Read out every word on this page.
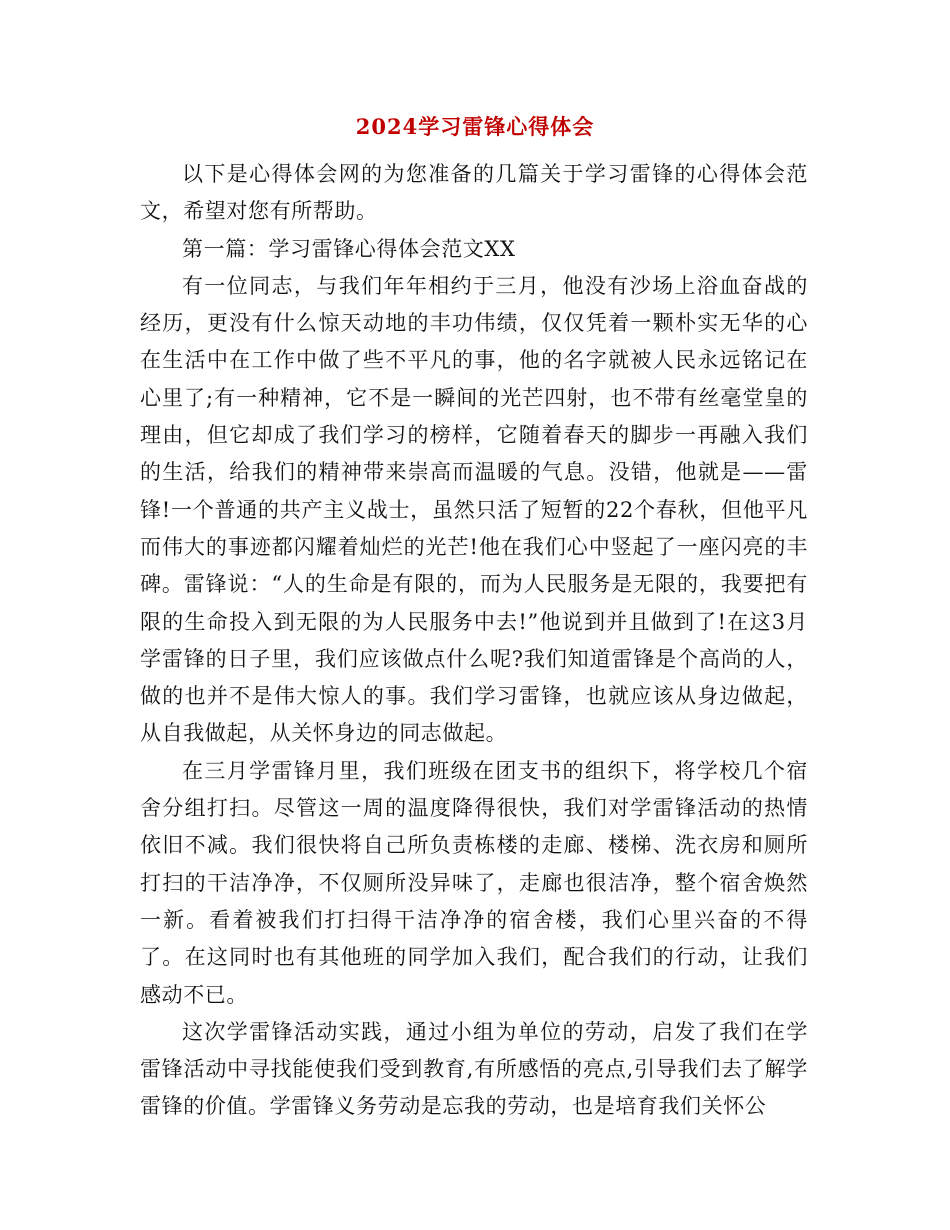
2024学习雷锋心得体会

以下是心得体会网的为您准备的几篇关于学习雷锋的心得体会范文，希望对您有所帮助。

第一篇：学习雷锋心得体会范文XX

有一位同志，与我们年年相约于三月，他没有沙场上浴血奋战的经历，更没有什么惊天动地的丰功伟绩，仅仅凭着一颗朴实无华的心在生活中在工作中做了些不平凡的事，他的名字就被人民永远铭记在心里了;有一种精神，它不是一瞬间的光芒四射，也不带有丝毫堂皇的理由，但它却成了我们学习的榜样，它随着春天的脚步一再融入我们的生活，给我们的精神带来崇高而温暖的气息。没错，他就是——雷锋!一个普通的共产主义战士，虽然只活了短暂的22个春秋，但他平凡而伟大的事迹都闪耀着灿烂的光芒!他在我们心中竖起了一座闪亮的丰碑。雷锋说：“人的生命是有限的，而为人民服务是无限的，我要把有限的生命投入到无限的为人民服务中去!”他说到并且做到了!在这3月学雷锋的日子里，我们应该做点什么呢?我们知道雷锋是个高尚的人，做的也并不是伟大惊人的事。我们学习雷锋，也就应该从身边做起，从自我做起，从关怀身边的同志做起。

在三月学雷锋月里，我们班级在团支书的组织下，将学校几个宿舍分组打扫。尽管这一周的温度降得很快，我们对学雷锋活动的热情依旧不减。我们很快将自己所负责栋楼的走廊、楼梯、洗衣房和厕所打扫的干洁净净，不仅厕所没异味了，走廊也很洁净，整个宿舍焕然一新。看着被我们打扫得干洁净净的宿舍楼，我们心里兴奋的不得了。在这同时也有其他班的同学加入我们，配合我们的行动，让我们感动不已。

这次学雷锋活动实践，通过小组为单位的劳动，启发了我们在学雷锋活动中寻找能使我们受到教育,有所感悟的亮点,引导我们去了解学雷锋的价值。学雷锋义务劳动是忘我的劳动，也是培育我们关怀公
